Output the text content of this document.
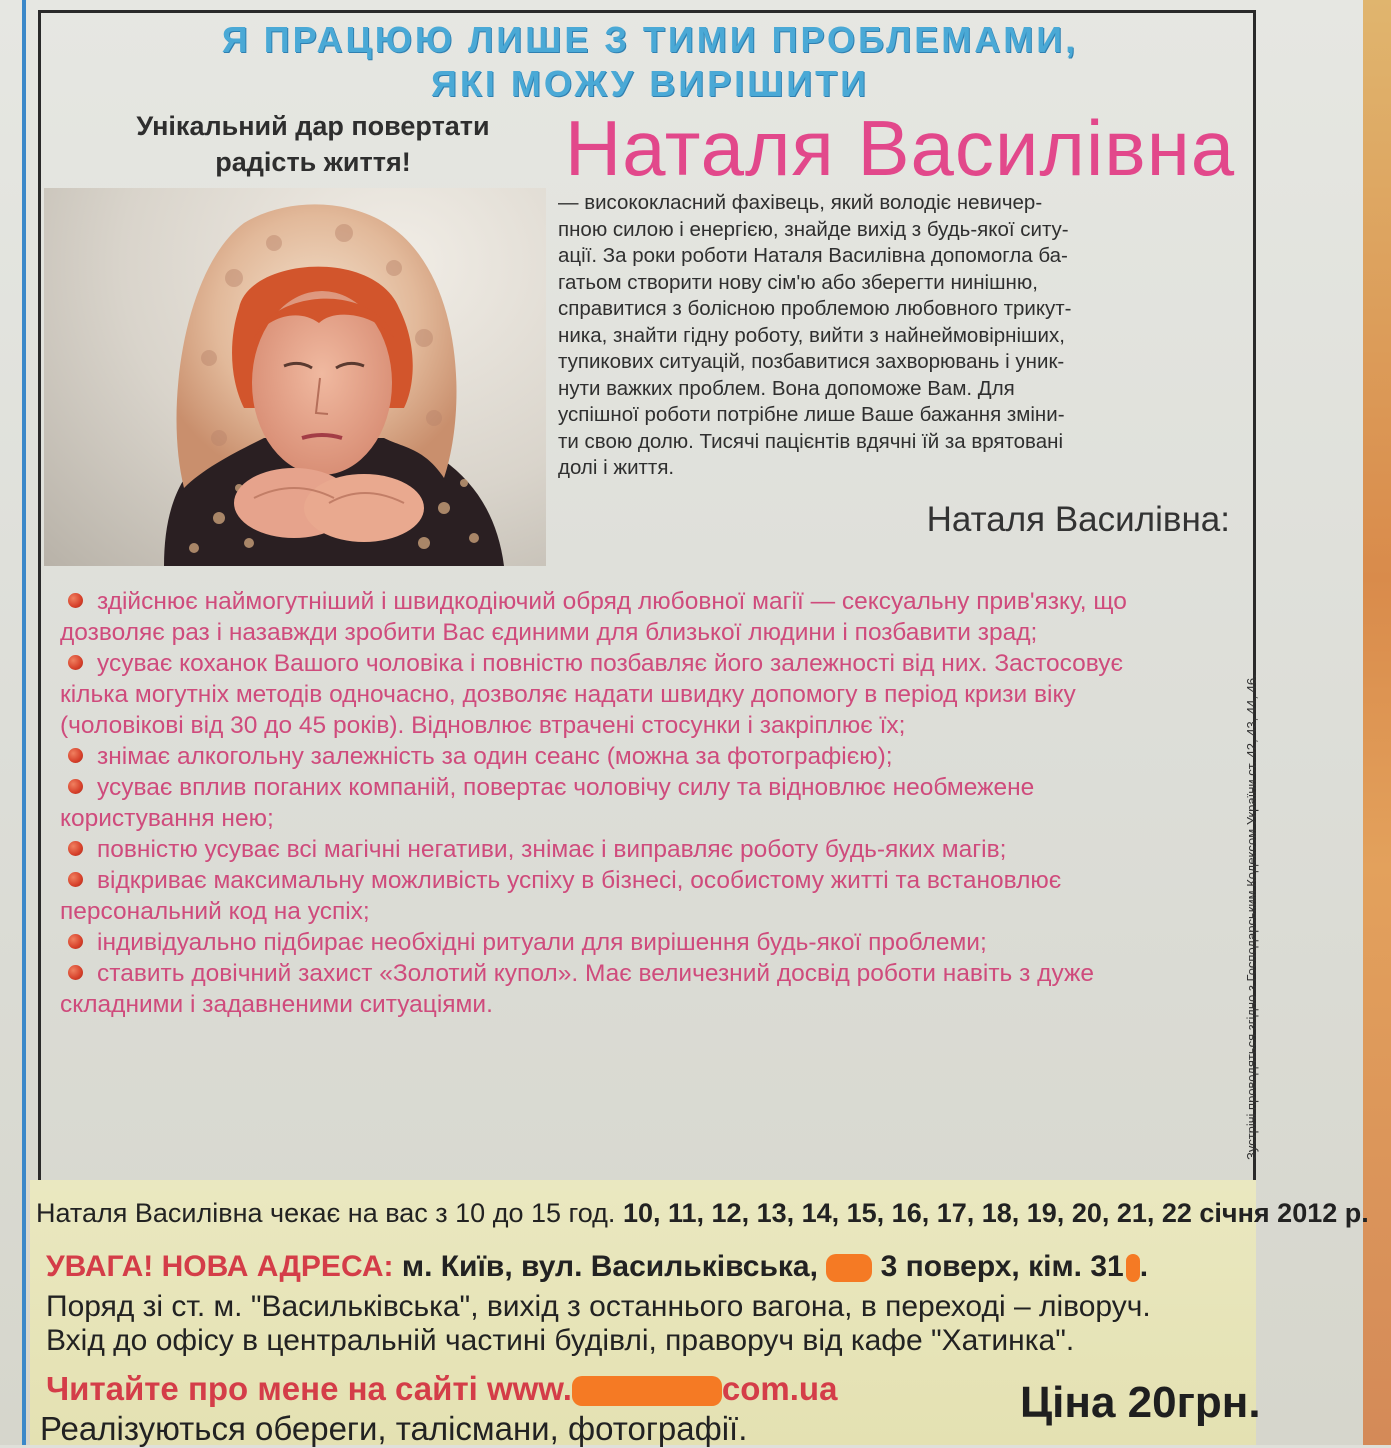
Я ПРАЦЮЮ ЛИШЕ З ТИМИ ПРОБЛЕМАМИ,
ЯКІ МОЖУ ВИРІШИТИ
Унікальний дар повертати
радість життя!	Наталя Василівна
— висококласний фахівець, який володіє невичер-
пною силою і енергією, знайде вихід з будь-якої ситу-
ації. За роки роботи Наталя Василівна допомогла ба-
гатьом створити нову сім'ю або зберегти нинішню,
справитися з болісною проблемою любовного трикут-
ника, знайти гідну роботу, вийти з найнеймовірніших,
тупикових ситуацій, позбавитися захворювань і уник-
нути важких проблем. Вона допоможе Вам. Для
успішної роботи потрібне лише Ваше бажання зміни-
ти свою долю. Тисячі пацієнтів вдячні їй за врятовані
долі і життя.
Наталя Василівна:
здійснює наймогутніший і швидкодіючий обряд любовної магії — сексуальну прив'язку, що дозволяє раз і назавжди зробити Вас єдиними для близької людини і позбавити зрад;
усуває коханок Вашого чоловіка і повністю позбавляє його залежності від них. Застосовує кілька могутніх методів одночасно, дозволяє надати швидку допомогу в період кризи віку (чоловікові від 30 до 45 років). Відновлює втрачені стосунки і закріплює їх;
знімає алкогольну залежність за один сеанс (можна за фотографією);
усуває вплив поганих компаній, повертає чоловічу силу та відновлює необмежене користування нею;
повністю усуває всі магічні негативи, знімає і виправляє роботу будь-яких магів;
відкриває максимальну можливість успіху в бізнесі, особистому житті та встановлює персональний код на успіх;
індивідуально підбирає необхідні ритуали для вирішення будь-якої проблеми;
ставить довічний захист «Золотий купол». Має величезний досвід роботи навіть з дуже складними і задавненими ситуаціями.	Зустрічі проводяться згідно з Господарським Кодексом України ст. 42, 43, 44, 46.
Наталя Василівна чекає на вас з 10 до 15 год. 10, 11, 12, 13, 14, 15, 16, 17, 18, 19, 20, 21, 22 січня 2012 р.
УВАГА! НОВА АДРЕСА: м. Київ, вул. Васильківська, 3 поверх, кім. 31 .
Поряд зі ст. м. "Васильківська", вихід з останнього вагона, в переході – ліворуч.
Вхід до офісу в центральній частині будівлі, праворуч від кафе "Хатинка".
Читайте про мене на сайті www.	com.ua
Реалізуються обереги, талісмани, фотографії.
Ціна 20грн.
